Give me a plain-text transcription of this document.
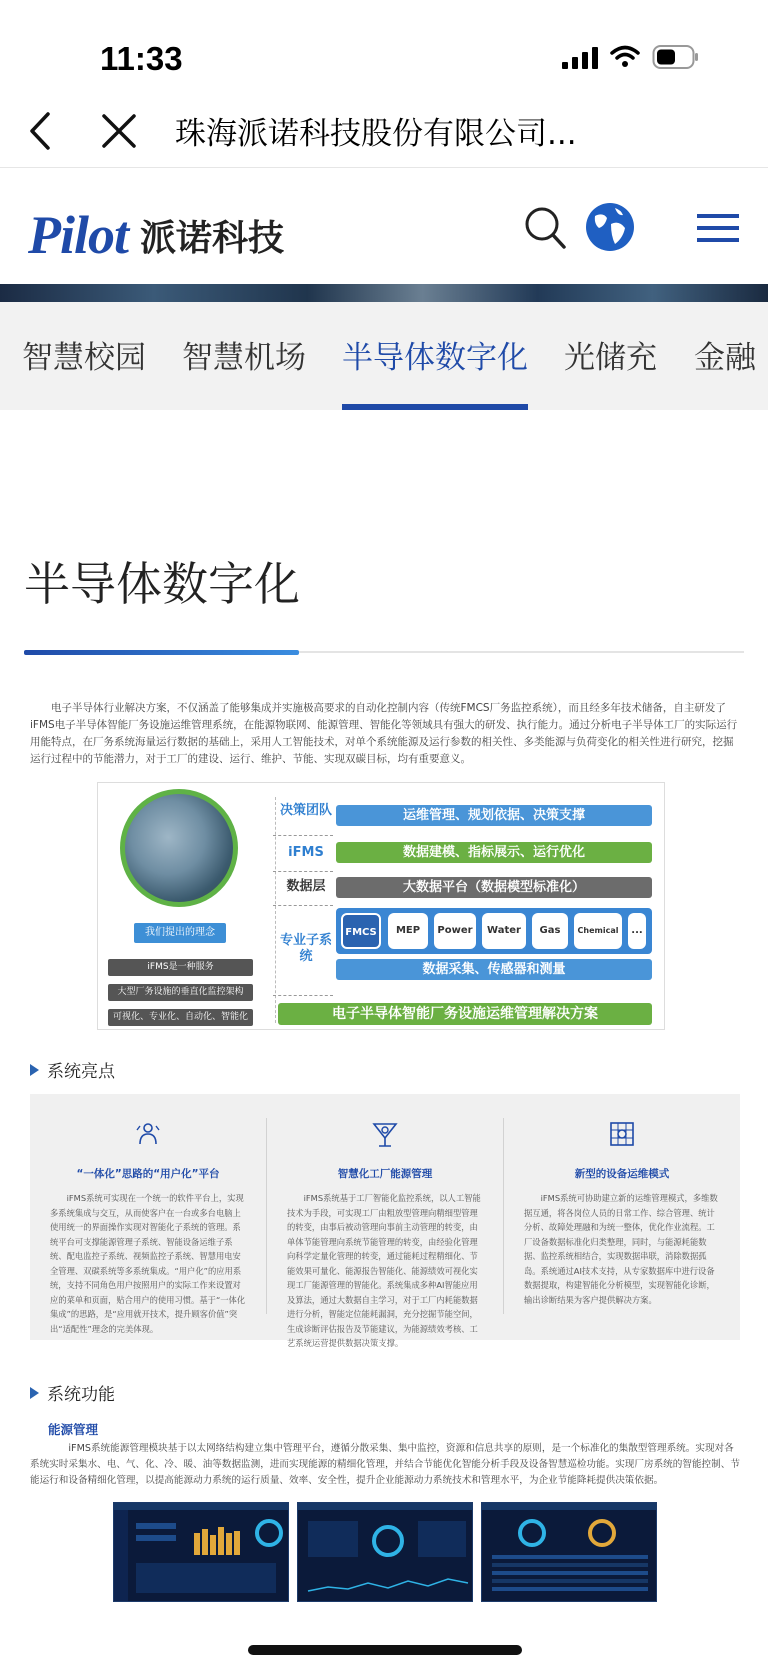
11:33
珠海派诺科技股份有限公司...
Pilot 派诺科技
智慧校园 智慧机场 半导体数字化 光储充 金融
半导体数字化

电子半导体行业解决方案，不仅涵盖了能够集成并实施极高要求的自动化控制内容（传统FMCS厂务监控系统），而且经多年技术储备，自主研发了iFMS电子半导体智能厂务设施运维管理系统，在能源物联网、能源管理、智能化等领域具有强大的研发、执行能力。通过分析电子半导体工厂的实际运行用能特点，在厂务系统海量运行数据的基础上，采用人工智能技术，对单个系统能源及运行参数的相关性、多类能源与负荷变化的相关性进行研究，挖掘运行过程中的节能潜力，对于工厂的建设、运行、维护、节能、实现双碳目标，均有重要意义。

我们提出的理念
iFMS是一种服务
大型厂务设施的垂直化监控架构
可视化、专业化、自动化、智能化
决策团队	运维管理、规划依据、决策支撑
iFMS	数据建模、指标展示、运行优化
数据层	大数据平台（数据模型标准化）
专业子系统
FMCS	MEP	Power	Water	Gas	Chemical	...
数据采集、传感器和测量
电子半导体智能厂务设施运维管理解决方案
系统亮点
“一体化”思路的“用户化”平台
iFMS系统可实现在一个统一的软件平台上，实现多系统集成与交互，从而使客户在一台或多台电脑上使用统一的界面操作实现对智能化子系统的管理。系统平台可支撑能源管理子系统、智能设备运维子系统、配电监控子系统、视频监控子系统、智慧用电安全管理、双碳系统等多系统集成。“用户化”的应用系统，支持不同角色用户按照用户的实际工作来设置对应的菜单和页面，贴合用户的使用习惯。基于“一体化集成”的思路，是“应用就开技术，提升顾客价值”突出“适配性”理念的完美体现。
智慧化工厂能源管理
iFMS系统基于工厂智能化监控系统，以人工智能技术为手段，可实现工厂由粗放型管理向精细型管理的转变，由事后被动管理向事前主动管理的转变，由单体节能管理向系统节能管理的转变，由经验化管理向科学定量化管理的转变，通过能耗过程精细化、节能效果可量化、能源报告智能化、能源绩效可视化实现工厂能源管理的智能化。系统集成多种AI智能应用及算法，通过大数据自主学习，对于工厂内耗能数据进行分析，智能定位能耗漏洞，充分挖掘节能空间，生成诊断评估报告及节能建议，为能源绩效考核、工艺系统运营提供数据决策支撑。
新型的设备运维模式
iFMS系统可协助建立新的运维管理模式，多维数据互通，将各岗位人员的日常工作、综合管理、统计分析、故障处理融和为统一整体，优化作业流程。工厂设备数据标准化归类整理，同时，与能源耗能数据、监控系统相结合，实现数据串联，消除数据孤岛。系统通过AI技术支持，从专家数据库中进行设备数据提取，构建智能化分析模型，实现智能化诊断，输出诊断结果为客户提供解决方案。
系统功能
能源管理

iFMS系统能源管理模块基于以太网络结构建立集中管理平台，遵循分散采集、集中监控，资源和信息共享的原则，是一个标准化的集散型管理系统。实现对各系统实时采集水、电、气、化、冷、暖、油等数据监测，进而实现能源的精细化管理，并结合节能优化智能分析手段及设备智慧巡检功能。实现厂房系统的智能控制、节能运行和设备精细化管理，以提高能源动力系统的运行质量、效率、安全性，提升企业能源动力系统技术和管理水平，为企业节能降耗提供决策依据。
